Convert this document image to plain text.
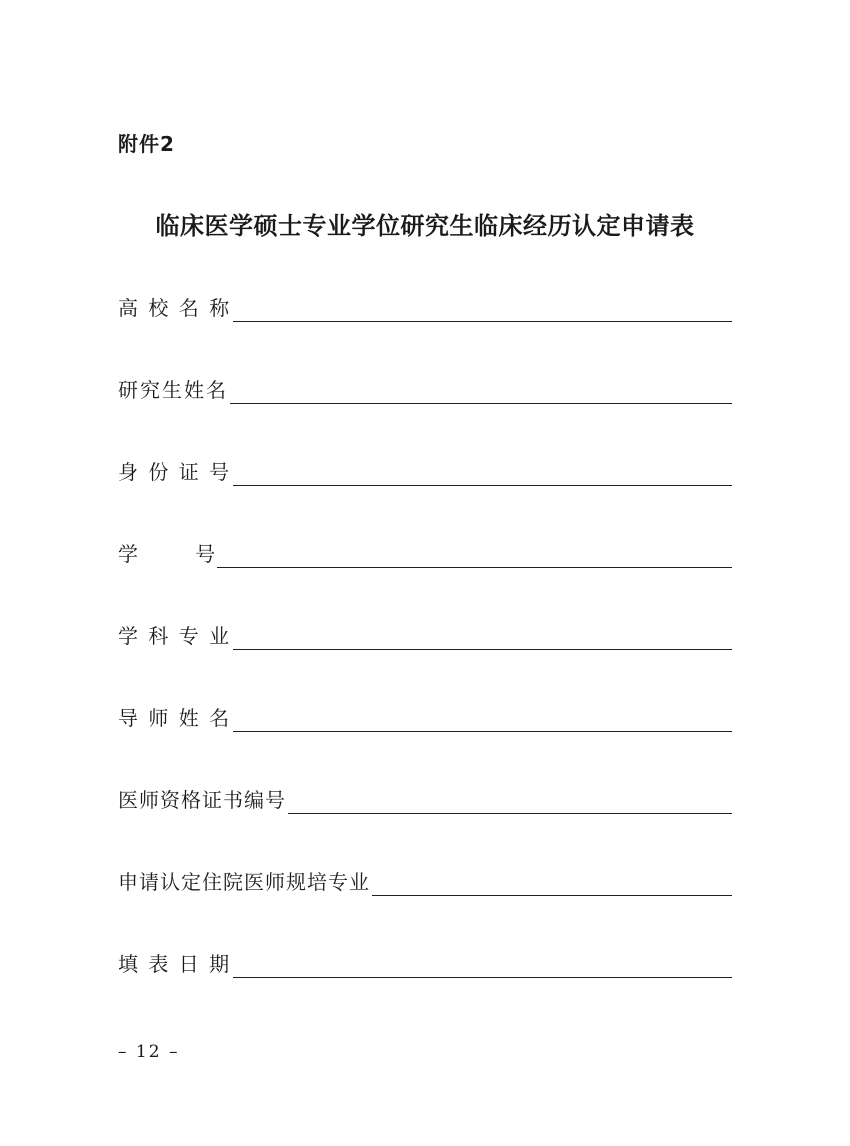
附件2
临床医学硕士专业学位研究生临床经历认定申请表
高 校 名 称
研究生姓名
身 份 证 号
学         号
学 科 专 业
导 师 姓 名
医师资格证书编号
申请认定住院医师规培专业
填 表 日 期
– 12 –
